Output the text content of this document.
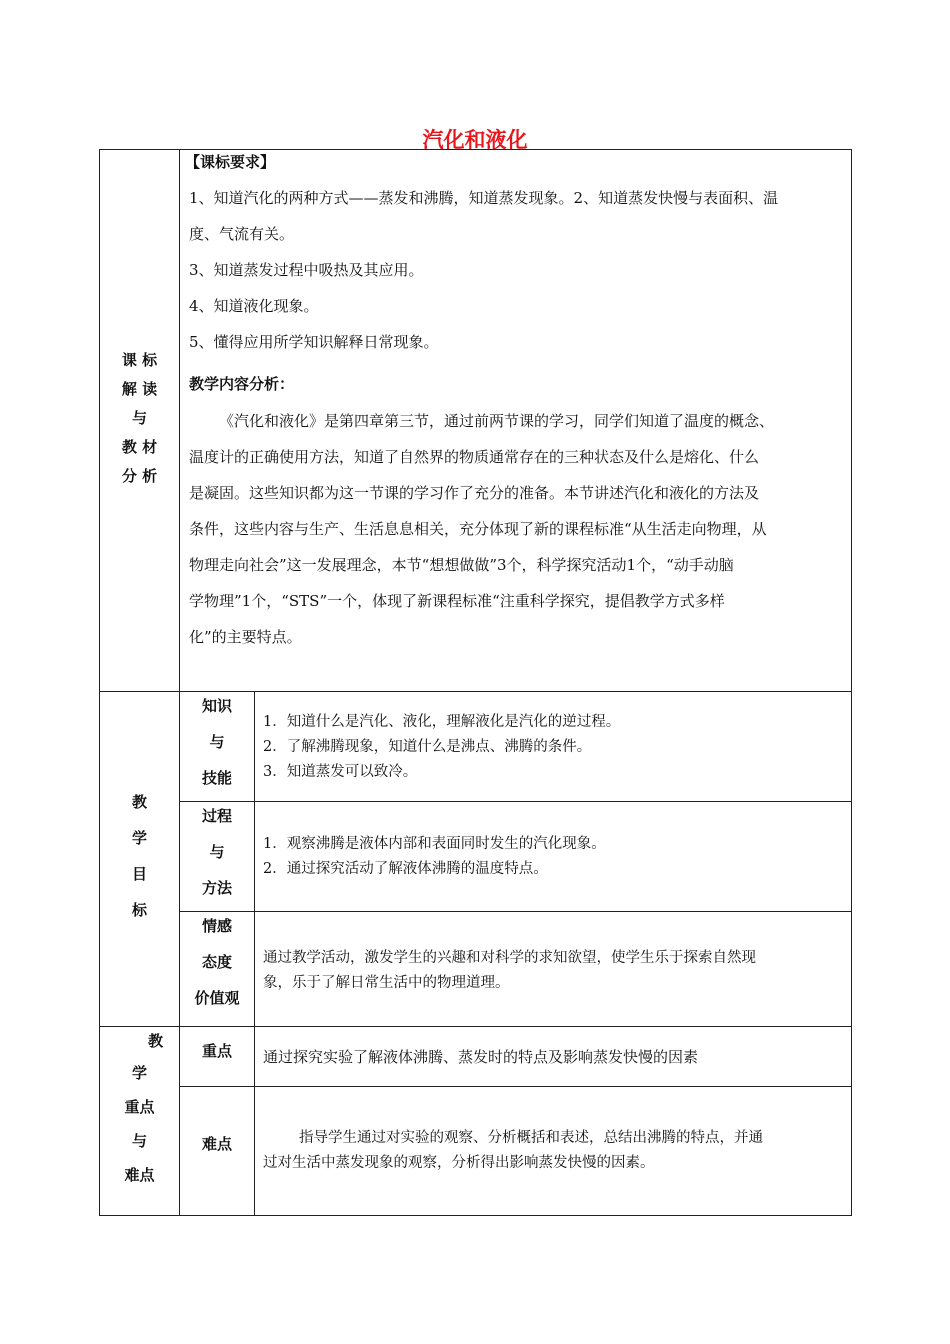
汽化和液化
课 标
解 读
与
教 材
分 析
【课标要求】
1、知道汽化的两种方式——蒸发和沸腾，知道蒸发现象。2、知道蒸发快慢与表面积、温
度、气流有关。
3、知道蒸发过程中吸热及其应用。
4、知道液化现象。
5、懂得应用所学知识解释日常现象。
教学内容分析：
《汽化和液化》是第四章第三节，通过前两节课的学习，同学们知道了温度的概念、
温度计的正确使用方法，知道了自然界的物质通常存在的三种状态及什么是熔化、什么
是凝固。这些知识都为这一节课的学习作了充分的准备。本节讲述汽化和液化的方法及
条件，这些内容与生产、生活息息相关，充分体现了新的课程标准“从生活走向物理，从
物理走向社会”这一发展理念，本节“想想做做”3个，科学探究活动1个，“动手动脑
学物理”1个，“STS”一个，体现了新课程标准“注重科学探究，提倡教学方式多样
化”的主要特点。
教
学
目
标
知识
与
技能
1．知道什么是汽化、液化，理解液化是汽化的逆过程。
2．了解沸腾现象，知道什么是沸点、沸腾的条件。
3．知道蒸发可以致冷。
过程
与
方法
1．观察沸腾是液体内部和表面同时发生的汽化现象。
2．通过探究活动了解液体沸腾的温度特点。
情感
态度
价值观
通过教学活动，激发学生的兴趣和对科学的求知欲望，使学生乐于探索自然现
象，乐于了解日常生活中的物理道理。
教
学
重点
与
难点
重点	通过探究实验了解液体沸腾、蒸发时的特点及影响蒸发快慢的因素
难点	指导学生通过对实验的观察、分析概括和表述，总结出沸腾的特点，并通
过对生活中蒸发现象的观察，分析得出影响蒸发快慢的因素。
